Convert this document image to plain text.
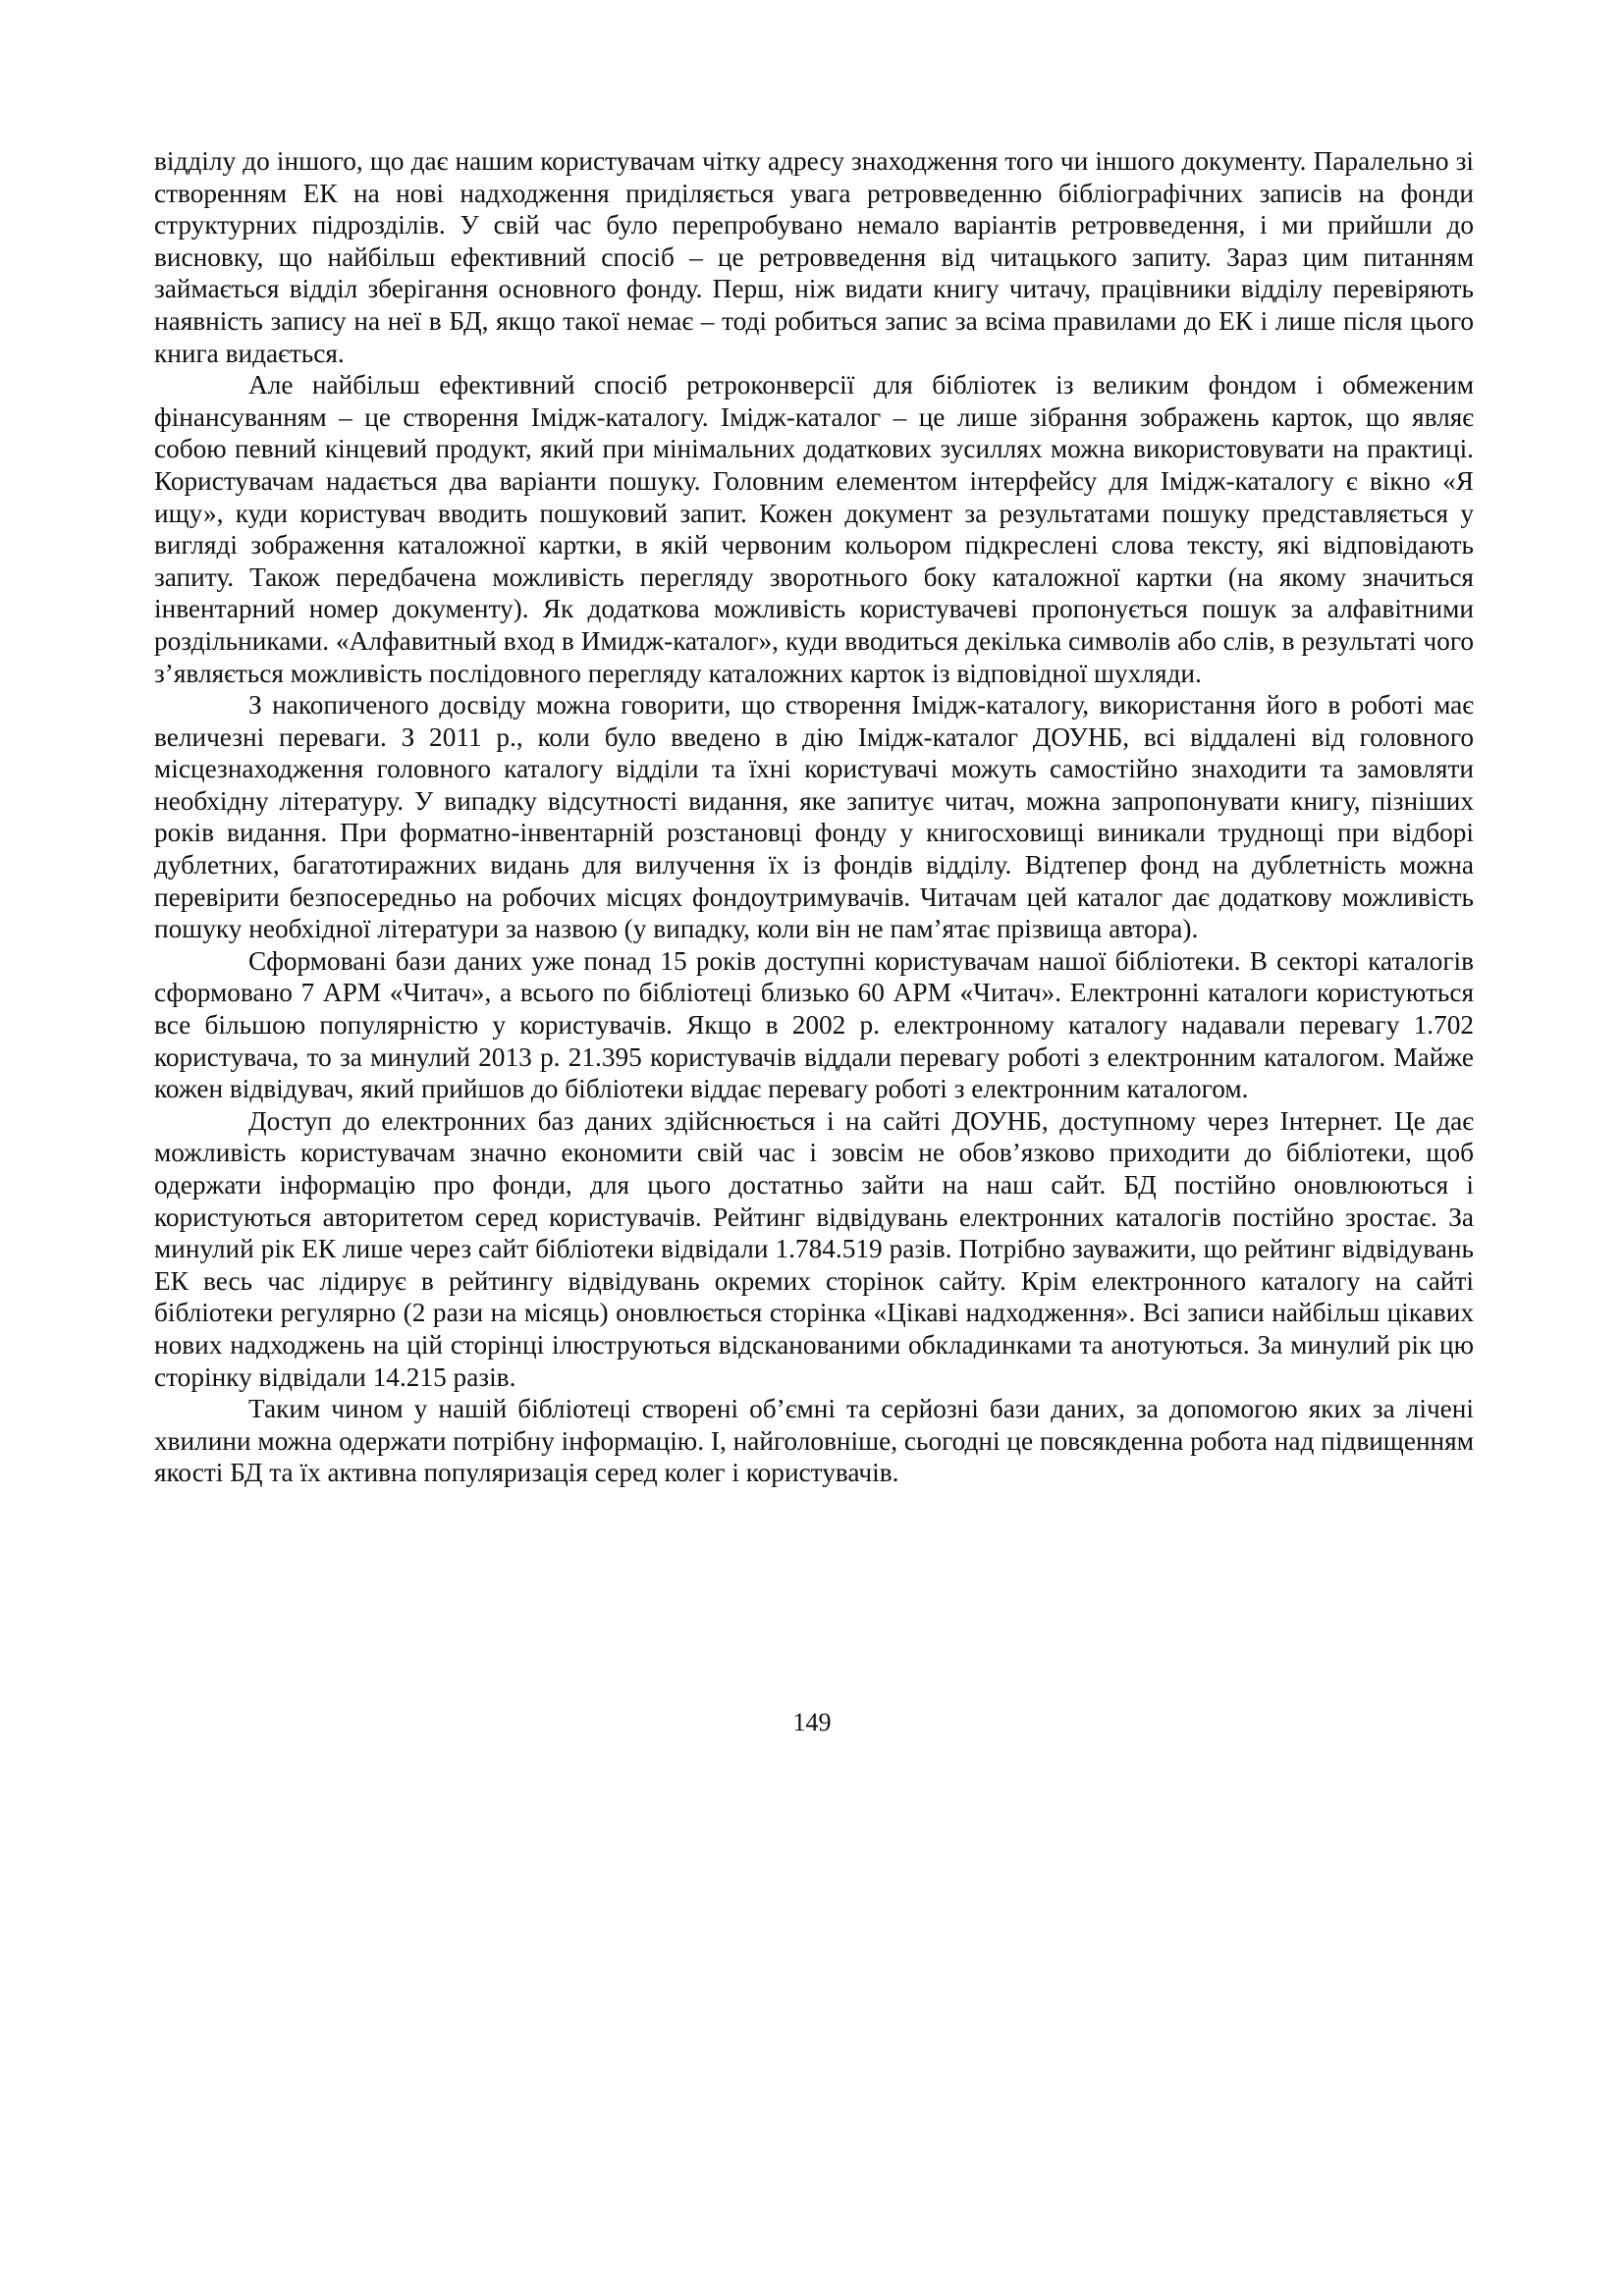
відділу до іншого, що дає нашим користувачам чітку адресу знаходження того чи іншого документу. Паралельно зі створенням ЕК на нові надходження приділяється увага ретровведенню бібліографічних записів на фонди структурних підрозділів. У свій час було перепробувано немало варіантів ретровведення, і ми прийшли до висновку, що найбільш ефективний спосіб – це ретровведення від читацького запиту. Зараз цим питанням займається відділ зберігання основного фонду. Перш, ніж видати книгу читачу, працівники відділу перевіряють наявність запису на неї в БД, якщо такої немає – тоді робиться запис за всіма правилами до ЕК і лише після цього книга видається.

Але найбільш ефективний спосіб ретроконверсії для бібліотек із великим фондом і обмеженим фінансуванням – це створення Імідж-каталогу. Імідж-каталог – це лише зібрання зображень карток, що являє собою певний кінцевий продукт, який при мінімальних додаткових зусиллях можна використовувати на практиці. Користувачам надається два варіанти пошуку. Головним елементом інтерфейсу для Імідж-каталогу є вікно «Я ищу», куди користувач вводить пошуковий запит. Кожен документ за результатами пошуку представляється у вигляді зображення каталожної картки, в якій червоним кольором підкреслені слова тексту, які відповідають запиту. Також передбачена можливість перегляду зворотнього боку каталожної картки (на якому значиться інвентарний номер документу). Як додаткова можливість користувачеві пропонується пошук за алфавітними роздільниками. «Алфавитный вход в Имидж-каталог», куди вводиться декілька символів або слів, в результаті чого з’являється можливість послідовного перегляду каталожних карток із відповідної шухляди.

З накопиченого досвіду можна говорити, що створення Імідж-каталогу, використання його в роботі має величезні переваги. З 2011 р., коли було введено в дію Імідж-каталог ДОУНБ, всі віддалені від головного місцезнаходження головного каталогу відділи та їхні користувачі можуть самостійно знаходити та замовляти необхідну літературу. У випадку відсутності видання, яке запитує читач, можна запропонувати книгу, пізніших років видання. При форматно-інвентарній розстановці фонду у книгосховищі виникали труднощі при відборі дублетних, багатотиражних видань для вилучення їх із фондів відділу. Відтепер фонд на дублетність можна перевірити безпосередньо на робочих місцях фондоутримувачів. Читачам цей каталог дає додаткову можливість пошуку необхідної літератури за назвою (у випадку, коли він не пам’ятає прізвища автора).

Сформовані бази даних уже понад 15 років доступні користувачам нашої бібліотеки. В секторі каталогів сформовано 7 АРМ «Читач», а всього по бібліотеці близько 60 АРМ «Читач». Електронні каталоги користуються все більшою популярністю у користувачів. Якщо в 2002 р. електронному каталогу надавали перевагу 1.702 користувача, то за минулий 2013 р. 21.395 користувачів віддали перевагу роботі з електронним каталогом. Майже кожен відвідувач, який прийшов до бібліотеки віддає перевагу роботі з електронним каталогом.

Доступ до електронних баз даних здійснюється і на сайті ДОУНБ, доступному через Інтернет. Це дає можливість користувачам значно економити свій час і зовсім не обов’язково приходити до бібліотеки, щоб одержати інформацію про фонди, для цього достатньо зайти на наш сайт. БД постійно оновлюються і користуються авторитетом серед користувачів. Рейтинг відвідувань електронних каталогів постійно зростає. За минулий рік ЕК лише через сайт бібліотеки відвідали 1.784.519 разів. Потрібно зауважити, що рейтинг відвідувань ЕК весь час лідирує в рейтингу відвідувань окремих сторінок сайту. Крім електронного каталогу на сайті бібліотеки регулярно (2 рази на місяць) оновлюється сторінка «Цікаві надходження». Всі записи найбільш цікавих нових надходжень на цій сторінці ілюструються відсканованими обкладинками та анотуються. За минулий рік цю сторінку відвідали 14.215 разів.

Таким чином у нашій бібліотеці створені об’ємні та серйозні бази даних, за допомогою яких за лічені хвилини можна одержати потрібну інформацію. І, найголовніше, сьогодні це повсякденна робота над підвищенням якості БД та їх активна популяризація серед колег і користувачів.

149
